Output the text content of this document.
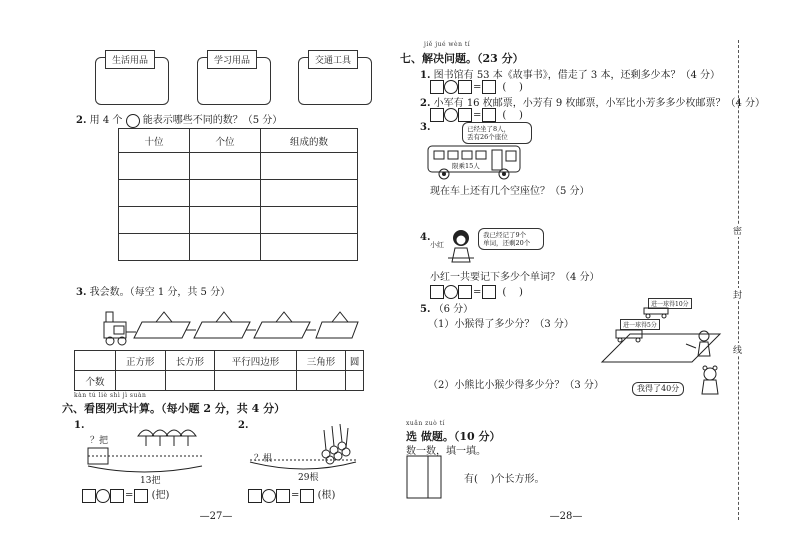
生活用品	学习用品	交通工具
2. 用 4 个 能表示哪些不同的数？（5 分）
十位	个位	组成的数

3. 我会数。（每空 1 分，共 5 分）
	正方形	长方形	平行四边形	三角形	圆
个数					
kàn tú liè shì jì suàn
六、看图列式计算。（每小题 2 分，共 4 分）
1.
？把
13把
= (把)
2.
？根
29根
= (根)
—27—
jiě jué wèn tí
七、解决问题。（23 分）
1. 图书馆有 53 本《故事书》，借走了 3 本，还剩多少本？（4 分）
= (    )
2. 小军有 16 枚邮票，小芳有 9 枚邮票，小军比小芳多多少枚邮票？（4 分）
= (    )
3.	已经坐了8人，
丢有26个座位
限乘15人
现在车上还有几个空座位？（5 分）
4.
小红
我已经记了9个
单词，还剩20个
小红一共要记下多少个单词？（4 分）
= (    )
5. （6 分）
（1）小猴得了多少分？（3 分）
进一球得10分
进一球得5分
我得了40分
（2）小熊比小猴少得多少分？（3 分）
xuǎn zuò tí
选 做题。（10 分）
数一数，填一填。
有( )个长方形。
—28—
密
封
线
